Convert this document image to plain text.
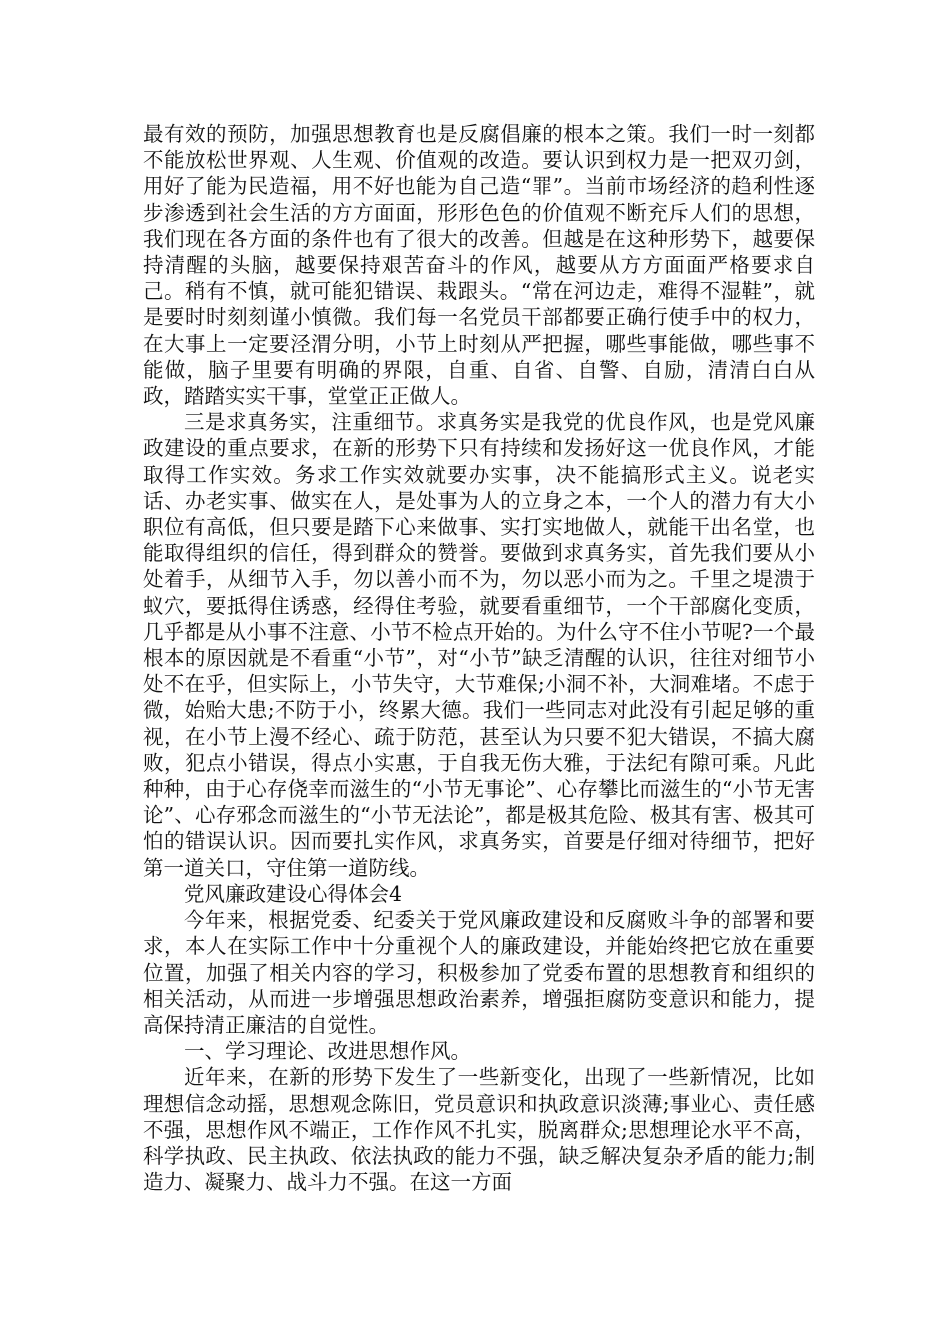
最有效的预防，加强思想教育也是反腐倡廉的根本之策。我们一时一刻都不能放松世界观、人生观、价值观的改造。要认识到权力是一把双刃剑，用好了能为民造福，用不好也能为自己造“罪”。当前市场经济的趋利性逐步渗透到社会生活的方方面面，形形色色的价值观不断充斥人们的思想，我们现在各方面的条件也有了很大的改善。但越是在这种形势下，越要保持清醒的头脑，越要保持艰苦奋斗的作风，越要从方方面面严格要求自己。稍有不慎，就可能犯错误、栽跟头。“常在河边走，难得不湿鞋”，就是要时时刻刻谨小慎微。我们每一名党员干部都要正确行使手中的权力，在大事上一定要泾渭分明，小节上时刻从严把握，哪些事能做，哪些事不能做，脑子里要有明确的界限，自重、自省、自警、自励，清清白白从政，踏踏实实干事，堂堂正正做人。

三是求真务实，注重细节。求真务实是我党的优良作风，也是党风廉政建设的重点要求，在新的形势下只有持续和发扬好这一优良作风，才能取得工作实效。务求工作实效就要办实事，决不能搞形式主义。说老实话、办老实事、做实在人，是处事为人的立身之本，一个人的潜力有大小职位有高低，但只要是踏下心来做事、实打实地做人，就能干出名堂，也能取得组织的信任，得到群众的赞誉。要做到求真务实，首先我们要从小处着手，从细节入手，勿以善小而不为，勿以恶小而为之。千里之堤溃于蚁穴，要抵得住诱惑，经得住考验，就要看重细节，一个干部腐化变质，几乎都是从小事不注意、小节不检点开始的。为什么守不住小节呢?一个最根本的原因就是不看重“小节”，对“小节”缺乏清醒的认识，往往对细节小处不在乎，但实际上，小节失守，大节难保;小洞不补，大洞难堵。不虑于微，始贻大患;不防于小，终累大德。我们一些同志对此没有引起足够的重视，在小节上漫不经心、疏于防范，甚至认为只要不犯大错误，不搞大腐败，犯点小错误，得点小实惠，于自我无伤大雅，于法纪有隙可乘。凡此种种，由于心存侥幸而滋生的“小节无事论”、心存攀比而滋生的“小节无害论”、心存邪念而滋生的“小节无法论”，都是极其危险、极其有害、极其可怕的错误认识。因而要扎实作风，求真务实，首要是仔细对待细节，把好第一道关口，守住第一道防线。

党风廉政建设心得体会4

今年来，根据党委、纪委关于党风廉政建设和反腐败斗争的部署和要求，本人在实际工作中十分重视个人的廉政建设，并能始终把它放在重要位置，加强了相关内容的学习，积极参加了党委布置的思想教育和组织的相关活动，从而进一步增强思想政治素养，增强拒腐防变意识和能力，提高保持清正廉洁的自觉性。

一、学习理论、改进思想作风。

近年来，在新的形势下发生了一些新变化，出现了一些新情况，比如理想信念动摇，思想观念陈旧，党员意识和执政意识淡薄;事业心、责任感不强，思想作风不端正，工作作风不扎实，脱离群众;思想理论水平不高，科学执政、民主执政、依法执政的能力不强，缺乏解决复杂矛盾的能力;制造力、凝聚力、战斗力不强。在这一方面
